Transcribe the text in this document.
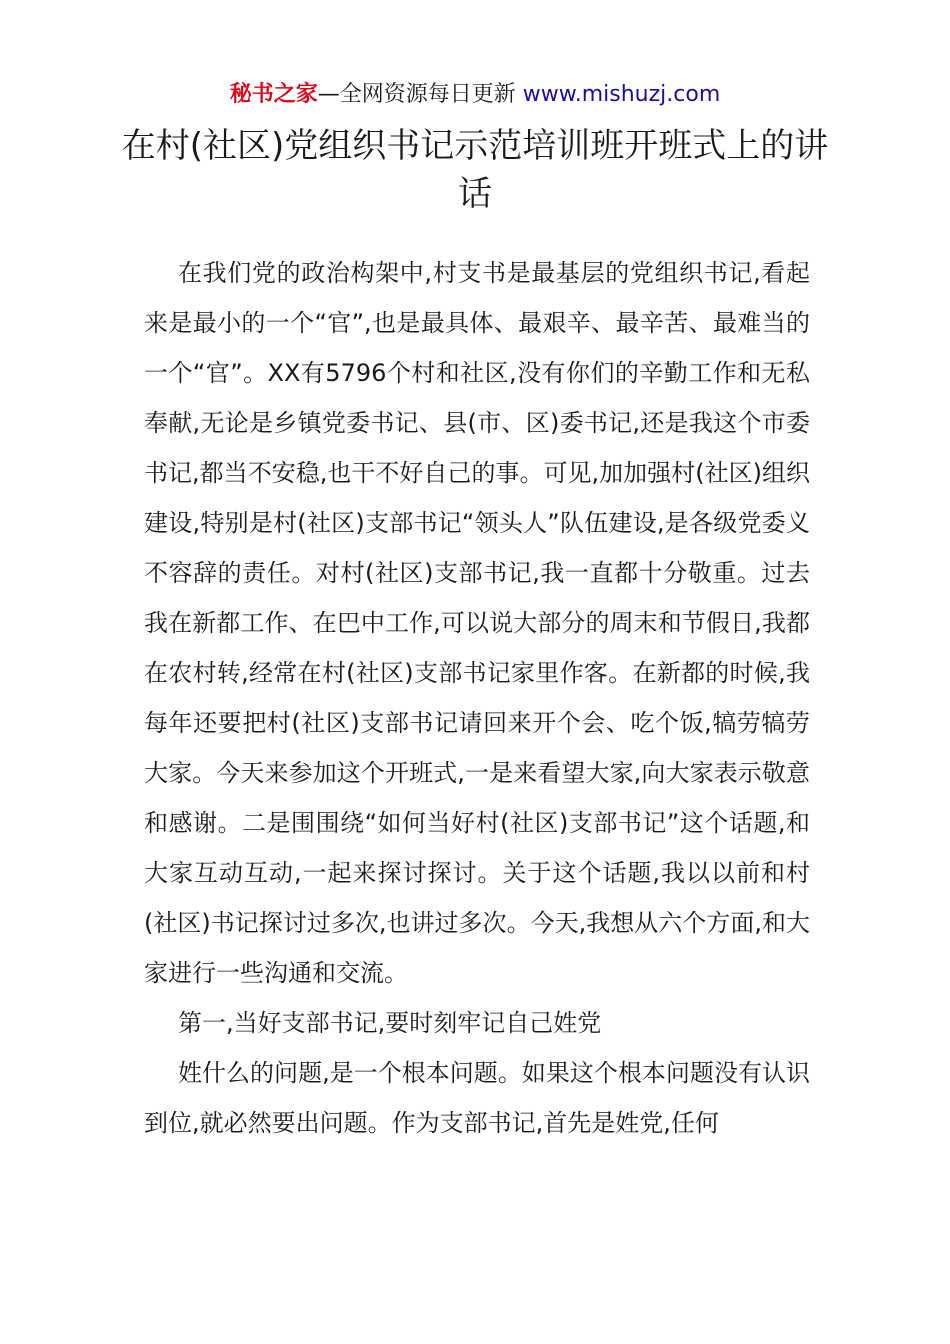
秘书之家—全网资源每日更新 www.mishuzj.com
在村(社区)党组织书记示范培训班开班式上的讲话

在我们党的政治构架中,村支书是最基层的党组织书记,看起来是最小的一个“官”,也是最具体、最艰辛、最辛苦、最难当的一个“官”。XX有5796个村和社区,没有你们的辛勤工作和无私奉献,无论是乡镇党委书记、县(市、区)委书记,还是我这个市委书记,都当不安稳,也干不好自己的事。可见,加加强村(社区)组织建设,特别是村(社区)支部书记“领头人”队伍建设,是各级党委义不容辞的责任。对村(社区)支部书记,我一直都十分敬重。过去我在新都工作、在巴中工作,可以说大部分的周末和节假日,我都在农村转,经常在村(社区)支部书记家里作客。在新都的时候,我每年还要把村(社区)支部书记请回来开个会、吃个饭,犒劳犒劳大家。今天来参加这个开班式,一是来看望大家,向大家表示敬意和感谢。二是围围绕“如何当好村(社区)支部书记”这个话题,和大家互动互动,一起来探讨探讨。关于这个话题,我以以前和村(社区)书记探讨过多次,也讲过多次。今天,我想从六个方面,和大家进行一些沟通和交流。

第一,当好支部书记,要时刻牢记自己姓党

姓什么的问题,是一个根本问题。如果这个根本问题没有认识到位,就必然要出问题。作为支部书记,首先是姓党,任何
